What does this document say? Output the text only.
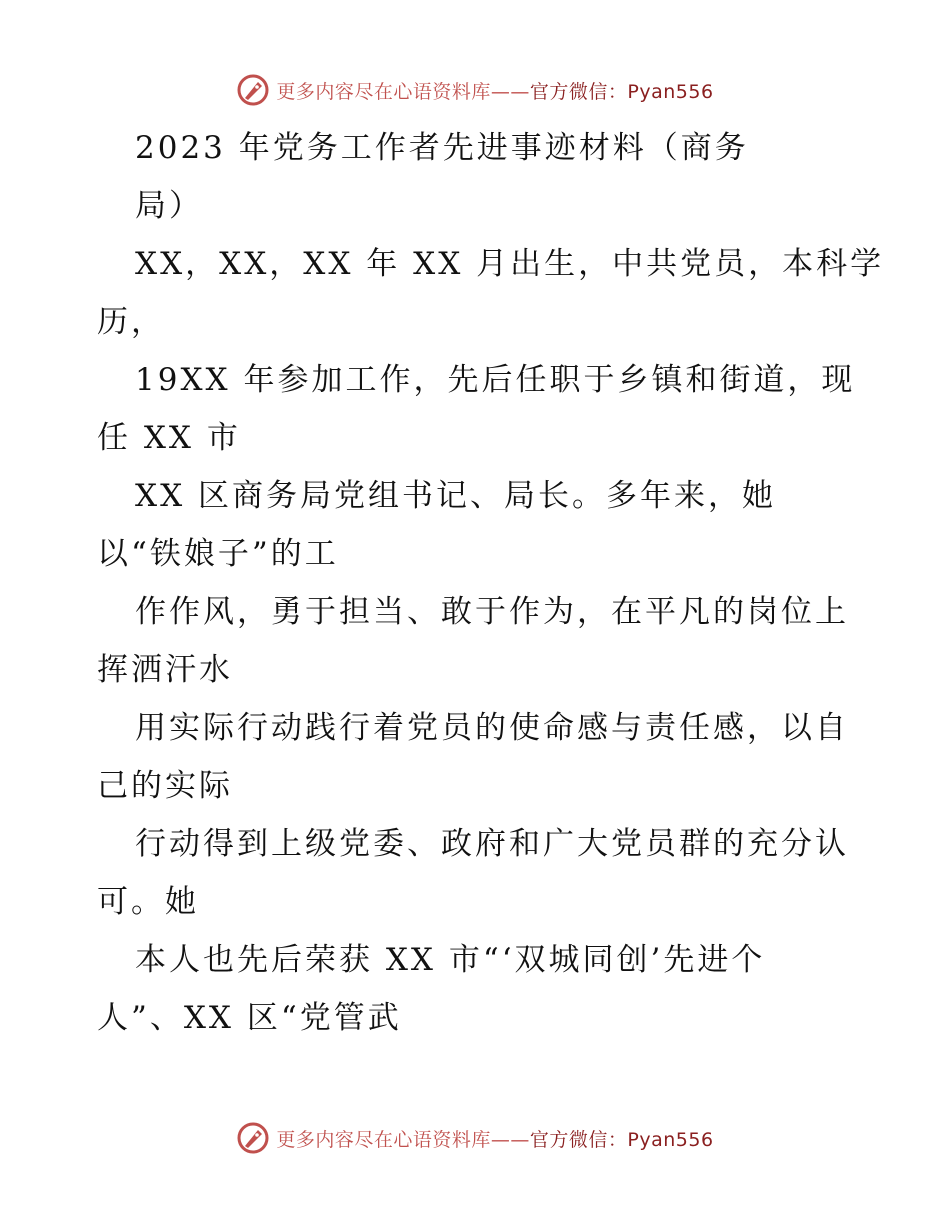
更多内容尽在心语资料库——官方微信：Pyan556
2023 年党务工作者先进事迹材料（商务
局）
XX，XX，XX 年 XX 月出生，中共党员，本科学
历，
19XX 年参加工作，先后任职于乡镇和街道，现
任 XX 市
XX 区商务局党组书记、局长。多年来，她
以“铁娘子”的工
作作风，勇于担当、敢于作为，在平凡的岗位上
挥洒汗水
用实际行动践行着党员的使命感与责任感，以自
己的实际
行动得到上级党委、政府和广大党员群的充分认
可。她
本人也先后荣获 XX 市“‘双城同创’先进个
人”、XX 区“党管武
更多内容尽在心语资料库——官方微信：Pyan556
